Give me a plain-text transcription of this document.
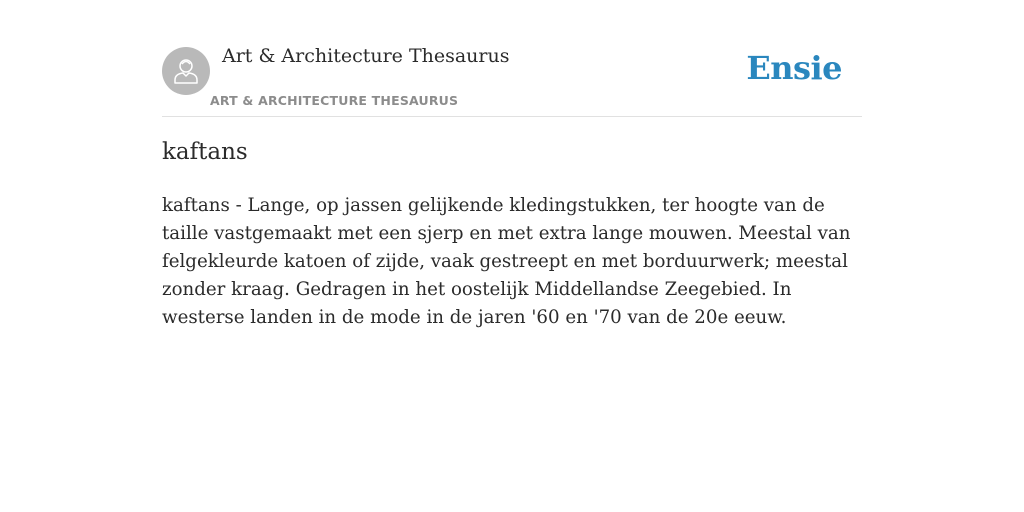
Art & Architecture Thesaurus
ART & ARCHITECTURE THESAURUS
Ensie
kaftans

kaftans - Lange, op jassen gelijkende kledingstukken, ter hoogte van de taille vastgemaakt met een sjerp en met extra lange mouwen. Meestal van felgekleurde katoen of zijde, vaak gestreept en met borduurwerk; meestal zonder kraag. Gedragen in het oostelijk Middellandse Zeegebied. In westerse landen in de mode in de jaren '60 en '70 van de 20e eeuw.
